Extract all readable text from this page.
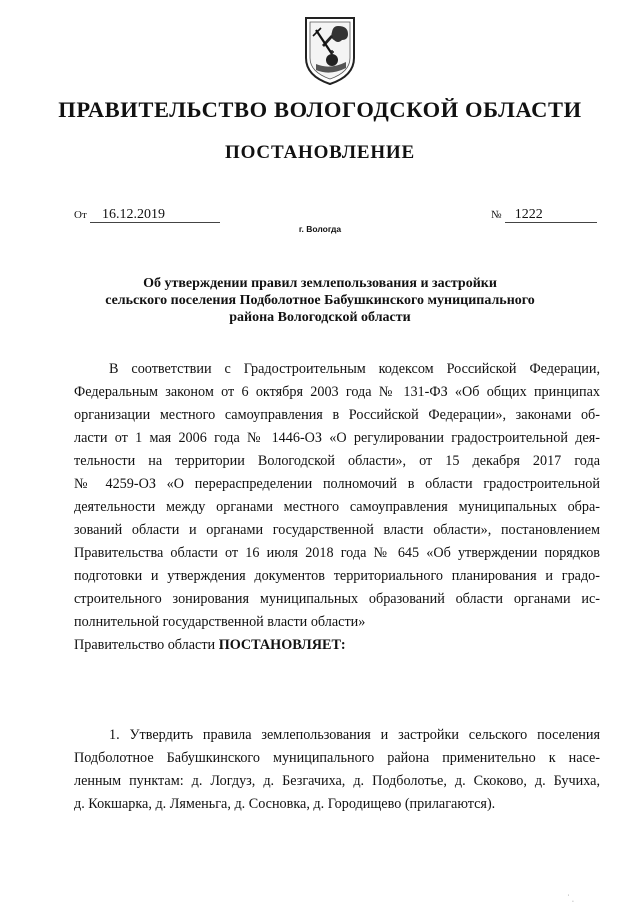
ПРАВИТЕЛЬСТВО ВОЛОГОДСКОЙ ОБЛАСТИ
ПОСТАНОВЛЕНИЕ
От 16.12.2019	№ 1222
г. Вологда
Об утверждении правил землепользования и застройки
сельского поселения Подболотное Бабушкинского муниципального
района Вологодской области
В соответствии с Градостроительным кодексом Российской Федерации,
Федеральным законом от 6 октября 2003 года № 131-ФЗ «Об общих принципах
организации местного самоуправления в Российской Федерации», законами об-
ласти от 1 мая 2006 года № 1446-ОЗ «О регулировании градостроительной дея-
тельности на территории Вологодской области», от 15 декабря 2017 года
№ 4259-ОЗ «О перераспределении полномочий в области градостроительной
деятельности между органами местного самоуправления муниципальных обра-
зований области и органами государственной власти области», постановлением
Правительства области от 16 июля 2018 года № 645 «Об утверждении порядков
подготовки и утверждения документов территориального планирования и градо-
строительного зонирования муниципальных образований области органами ис-
полнительной государственной власти области»
Правительство области ПОСТАНОВЛЯЕТ:
1. Утвердить правила землепользования и застройки сельского поселения
Подболотное Бабушкинского муниципального района применительно к насе-
ленным пунктам: д. Логдуз, д. Безгачиха, д. Подболотье, д. Скоково, д. Бучиха,
д. Кокшарка, д. Ляменьга, д. Сосновка, д. Городищево (прилагаются).
˙ ˌ
